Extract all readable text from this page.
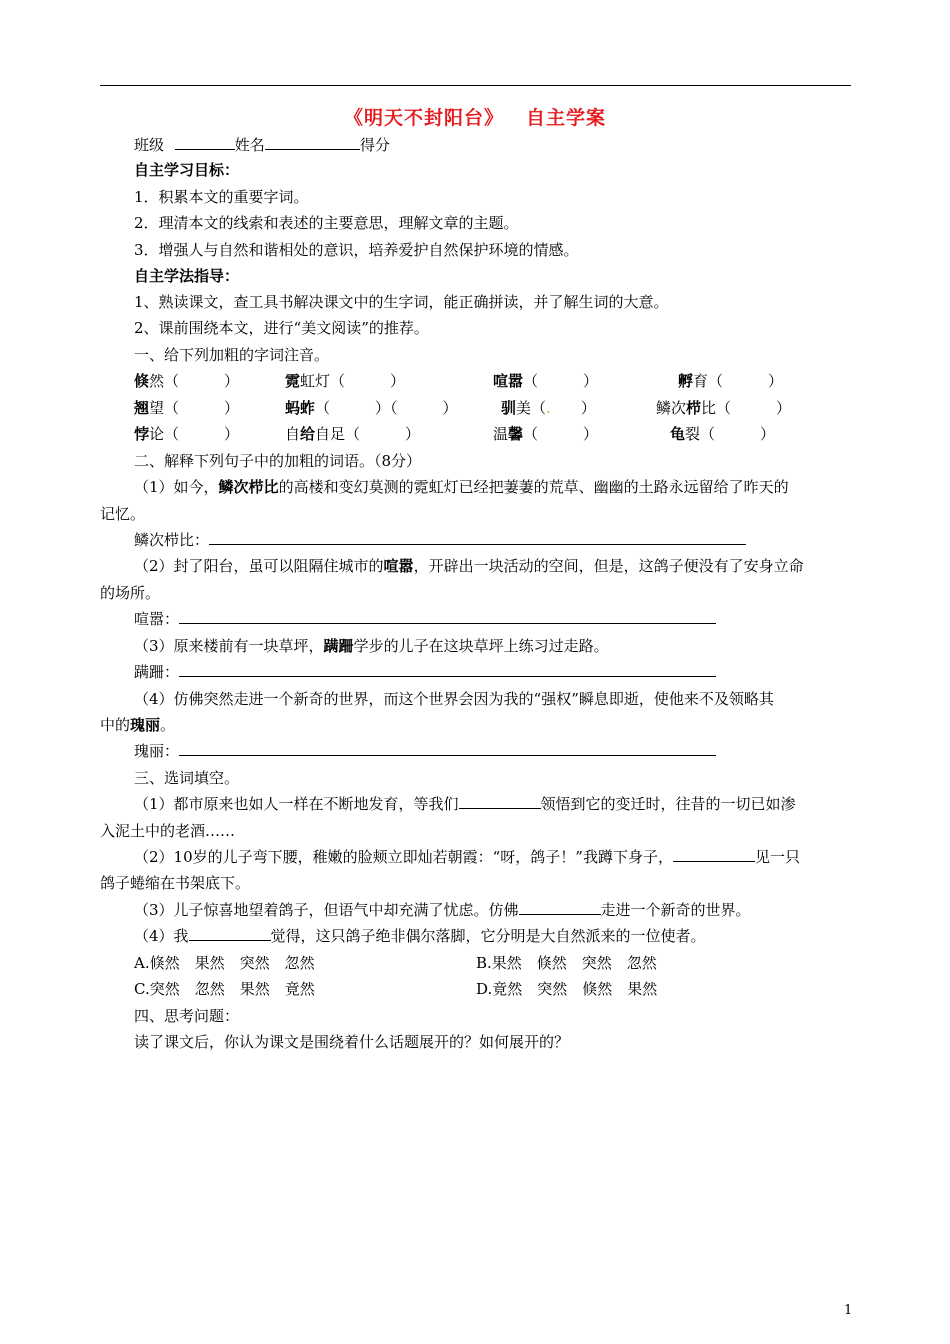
《明天不封阳台》 自主学案
班级	姓名	得分
自主学习目标：
1．积累本文的重要字词。
2．理清本文的线索和表述的主要意思，理解文章的主题。
3．增强人与自然和谐相处的意识，培养爱护自然保护环境的情感。
自主学法指导：
1、熟读课文，查工具书解决课文中的生字词，能正确拼读，并了解生词的大意。
2、课前围绕本文，进行“美文阅读”的推荐。
一、给下列加粗的字词注音。
倏然（　　　）	霓虹灯（　　　）	喧嚣（　　　）	孵育（　　　）
翘望（　　　）	蚂蚱（　　　）（　　　）	驯美（.　　）	鳞次栉比（　　　）
悖论（　　　）	自给自足（　　　）	温馨（　　　）	龟裂（　　　）
二、解释下列句子中的加粗的词语。（8分）
（1）如今，鳞次栉比的高楼和变幻莫测的霓虹灯已经把萋萋的荒草、幽幽的土路永远留给了昨天的
记忆。
鳞次栉比：
（2）封了阳台，虽可以阻隔住城市的喧嚣，开辟出一块活动的空间，但是，这鸽子便没有了安身立命
的场所。
喧嚣：
（3）原来楼前有一块草坪，蹒跚学步的儿子在这块草坪上练习过走路。
蹒跚：
（4）仿佛突然走进一个新奇的世界，而这个世界会因为我的“强权”瞬息即逝，使他来不及领略其
中的瑰丽。
瑰丽：
三、选词填空。
（1）都市原来也如人一样在不断地发育，等我们	领悟到它的变迁时，往昔的一切已如渗
入泥土中的老酒……
（2）10岁的儿子弯下腰，稚嫩的脸颊立即灿若朝霞：“呀，鸽子！”我蹲下身子，	见一只
鸽子蜷缩在书架底下。
（3）儿子惊喜地望着鸽子，但语气中却充满了忧虑。仿佛	走进一个新奇的世界。
（4）我	觉得，这只鸽子绝非偶尔落脚，它分明是大自然派来的一位使者。
A.倏然　果然　突然　忽然	B.果然　倏然　突然　忽然
C.突然　忽然　果然　竟然	D.竟然　突然　倏然　果然
四、思考问题：
读了课文后，你认为课文是围绕着什么话题展开的？如何展开的？
1
